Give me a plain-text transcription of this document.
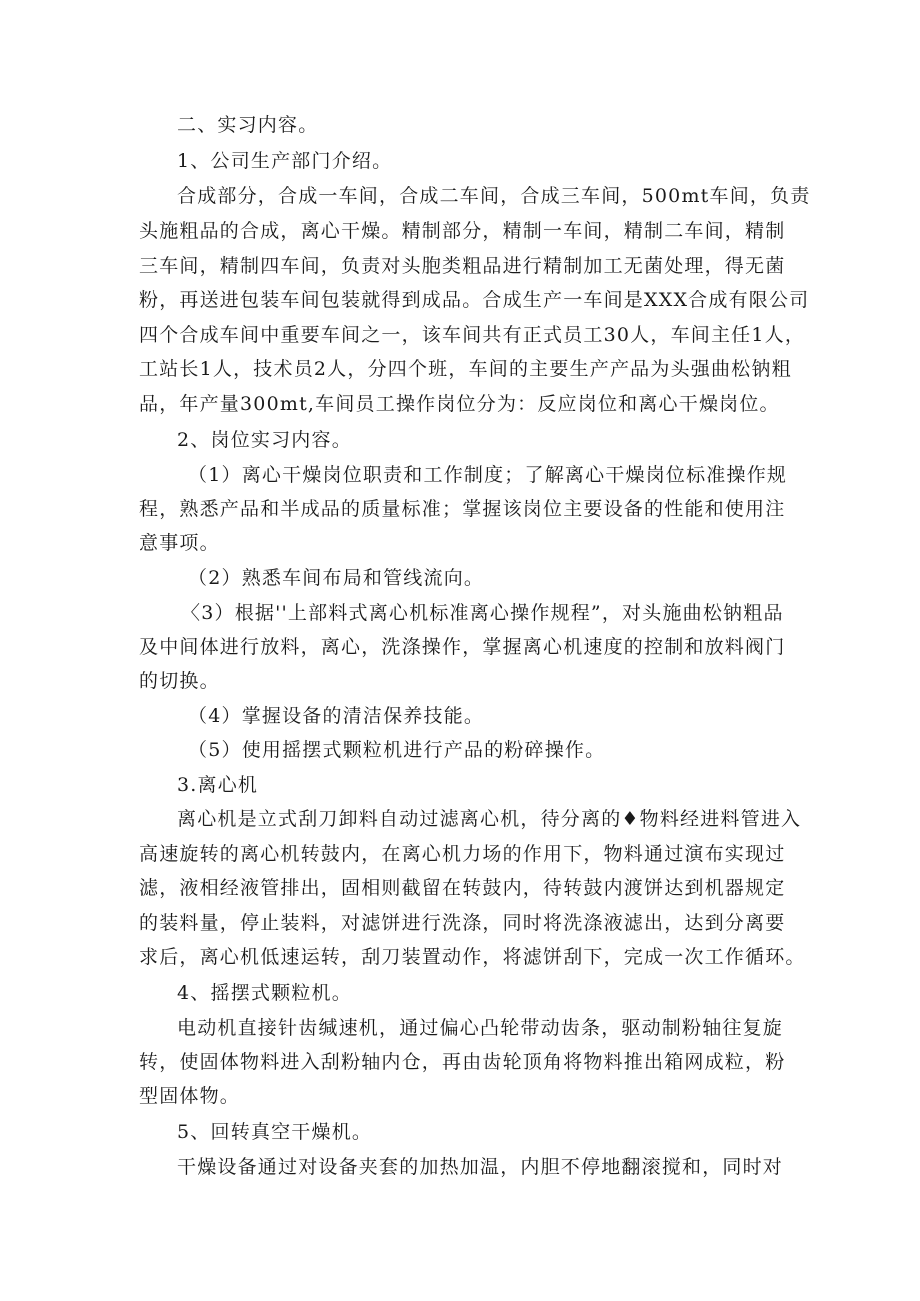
二、实习内容。
1、公司生产部门介绍。
合成部分，合成一车间，合成二车间，合成三车间，500mt车间，负责
头施粗品的合成，离心干燥。精制部分，精制一车间，精制二车间，精制
三车间，精制四车间，负责对头胞类粗品进行精制加工无菌处理，得无菌
粉，再送进包装车间包装就得到成品。合成生产一车间是XXX合成有限公司
四个合成车间中重要车间之一，该车间共有正式员工30人，车间主任1人，
工站长1人，技术员2人，分四个班，车间的主要生产产品为头强曲松钠粗
品，年产量300mt,车间员工操作岗位分为：反应岗位和离心干燥岗位。
2、岗位实习内容。
（1）离心干燥岗位职责和工作制度；了解离心干燥岗位标准操作规
程，熟悉产品和半成品的质量标准；掌握该岗位主要设备的性能和使用注
意事项。
（2）熟悉车间布局和管线流向。
〈3）根据''上部料式离心机标准离心操作规程”，对头施曲松钠粗品
及中间体进行放料，离心，洗涤操作，掌握离心机速度的控制和放料阀门
的切换。
（4）掌握设备的清洁保养技能。
（5）使用摇摆式颗粒机进行产品的粉碎操作。
3.离心机
离心机是立式刮刀卸料自动过滤离心机，待分离的♦物料经进料管进入
高速旋转的离心机转鼓内，在离心机力场的作用下，物料通过演布实现过
滤，液相经液管排出，固相则截留在转鼓内，待转鼓内渡饼达到机器规定
的装料量，停止装料，对滤饼进行洗涤，同时将洗涤液滤出，达到分离要
求后，离心机低速运转，刮刀装置动作，将滤饼刮下，完成一次工作循环。
4、摇摆式颗粒机。
电动机直接针齿缄速机，通过偏心凸轮带动齿条，驱动制粉轴往复旋
转，使固体物料进入刮粉轴内仓，再由齿轮顶角将物料推出箱网成粒，粉
型固体物。
5、回转真空干燥机。
干燥设备通过对设备夹套的加热加温，内胆不停地翻滚搅和，同时对
